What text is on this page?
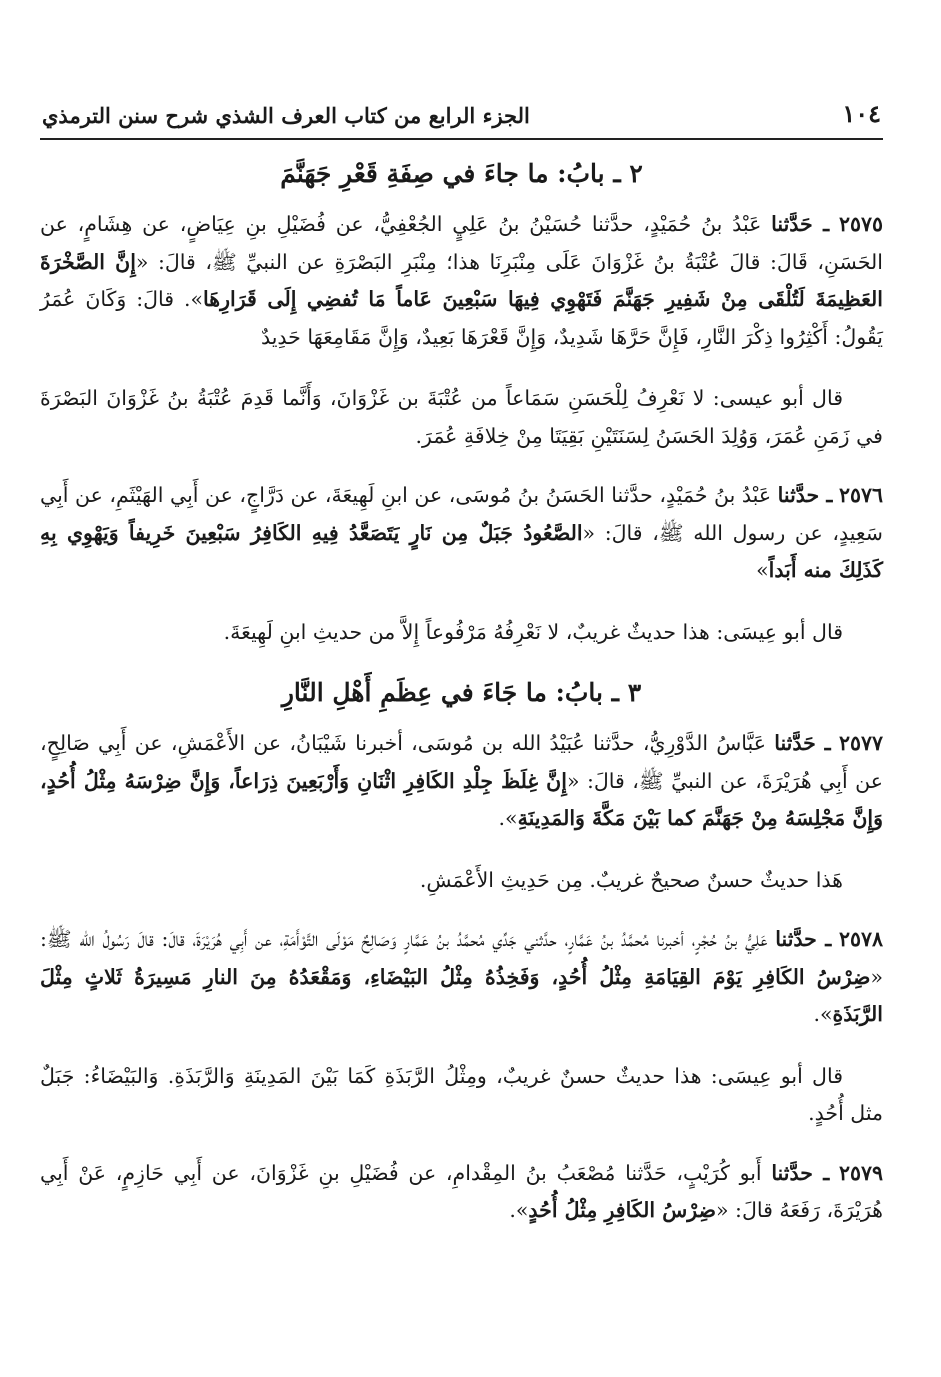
١٠٤
الجزء الرابع من كتاب العرف الشذي شرح سنن الترمذي
٢ ـ بابُ: ما جاءَ في صِفَةِ قَعْرِ جَهَنَّمَ

٢٥٧٥ ـ حَدَّثنا عَبْدُ بنُ حُمَيْدٍ، حدَّثنا حُسَيْنُ بنُ عَلِيٍ الجُعْفِيُّ، عن فُضَيْلِ بنِ عِيَاضٍ، عن هِشَامٍ، عن الحَسَنِ، قَالَ: قالَ عُتْبَةُ بنُ غَزْوَانَ عَلَى مِنْبَرِنَا هذا؛ مِنْبَرِ البَصْرَةِ عن النبيِّ ﷺ، قالَ: «إِنَّ الصَّخْرَةَ العَظِيمَةَ لَتُلْقَى مِنْ شَفِيرِ جَهَنَّمَ فَتَهْوِي فِيهَا سَبْعِينَ عَاماً مَا تُفضِي إِلَى قَرَارِهَا». قالَ: وَكَانَ عُمَرُ يَقُولُ: أَكْثِرُوا ذِكْرَ النَّارِ، فَإِنَّ حَرَّهَا شَدِيدٌ، وَإِنَّ قَعْرَهَا بَعِيدٌ، وَإِنَّ مَقَامِعَهَا حَدِيدٌ

قال أبو عيسى: لا نَعْرِفُ لِلْحَسَنِ سَمَاعاً من عُتْبَةَ بن غَزْوَانَ، وَأَنَّما قَدِمَ عُتْبَةُ بنُ غَزْوَانَ البَصْرَةَ في زَمَنِ عُمَرَ، وَوُلِدَ الحَسَنُ لِسَنَتَيْنِ بَقِيَتَا مِنْ خِلافَةِ عُمَرَ.

٢٥٧٦ ـ حدَّثنا عَبْدُ بنُ حُمَيْدٍ، حدَّثنا الحَسَنُ بنُ مُوسَى، عن ابنِ لَهِيعَةَ، عن دَرَّاجٍ، عن أَبِي الهَيْثَمِ، عن أَبِي سَعِيدٍ، عن رسول الله ﷺ، قالَ: «الصَّعُودُ جَبَلٌ مِن نَارٍ يَتَصَعَّدُ فِيهِ الكَافِرُ سَبْعِينَ خَرِيفاً وَيَهْوِي بِهِ كَذَلِكَ منه أَبَداً»

قال أبو عِيسَى: هذا حديثٌ غريبٌ، لا نَعْرِفُهُ مَرْفُوعاً إِلاَّ من حديثِ ابنِ لَهِيعَةَ.

٣ ـ بابُ: ما جَاءَ في عِظَمِ أَهْلِ النَّارِ

٢٥٧٧ ـ حَدَّثنا عَبَّاسُ الدَّوْرِيُّ، حدَّثنا عُبَيْدُ الله بن مُوسَى، أخبرنا شَيْبَانُ، عن الأَعْمَشِ، عن أَبِي صَالِحٍ، عن أَبِي هُرَيْرَةَ، عن النبيِّ ﷺ، قالَ: «إِنَّ غِلَظَ جِلْدِ الكَافِرِ اثْنَانِ وَأَرْبَعِينَ ذِرَاعاً، وَإِنَّ ضِرْسَهُ مِثْلُ أُحُدٍ، وَإِنَّ مَجْلِسَهُ مِنْ جَهَنَّمَ كما بَيْنَ مَكَّةَ وَالمَدِينَةِ».

هَذا حديثٌ حسنٌ صحيحٌ غريبٌ. مِن حَدِيثِ الأَعْمَشِ.

٢٥٧٨ ـ حدَّثنا عَلِيُّ بنُ حُجْرٍ، أخبرنا مُحمَّدُ بنُ عَمَّارٍ، حدَّثني جَدِّي مُحمَّدُ بنُ عَمَّارٍ وَصَالِحٌ مَوْلَى التَّوْأَمَةِ، عن أَبِي هُرَيْرَةَ، قالَ: قالَ رَسُولُ الله ﷺ: «ضِرْسُ الكَافِرِ يَوْمَ القِيَامَةِ مِثْلُ أُحُدٍ، وَفَخِذُهُ مِثْلُ البَيْضَاءِ، وَمَقْعَدُهُ مِنَ النارِ مَسِيرَةُ ثَلاثٍ مِثْلَ الرَّبَذَةِ».

قال أبو عِيسَى: هذا حديثٌ حسنٌ غريبٌ، ومِثْلُ الرَّبَذَةِ كَمَا بَيْنَ المَدِينَةِ وَالرَّبَذَةِ. وَالبَيْضَاءُ: جَبَلٌ مثل أُحُدٍ.

٢٥٧٩ ـ حدَّثنا أَبو كُرَيْبٍ، حَدَّثنا مُصْعَبُ بنُ المِقْدامِ، عن فُضَيْلِ بنِ غَزْوَانَ، عن أَبِي حَازِمٍ، عَنْ أَبِي هُرَيْرَةَ، رَفَعَهُ قالَ: «ضِرْسُ الكَافِرِ مِثْلُ أُحُدٍ».
